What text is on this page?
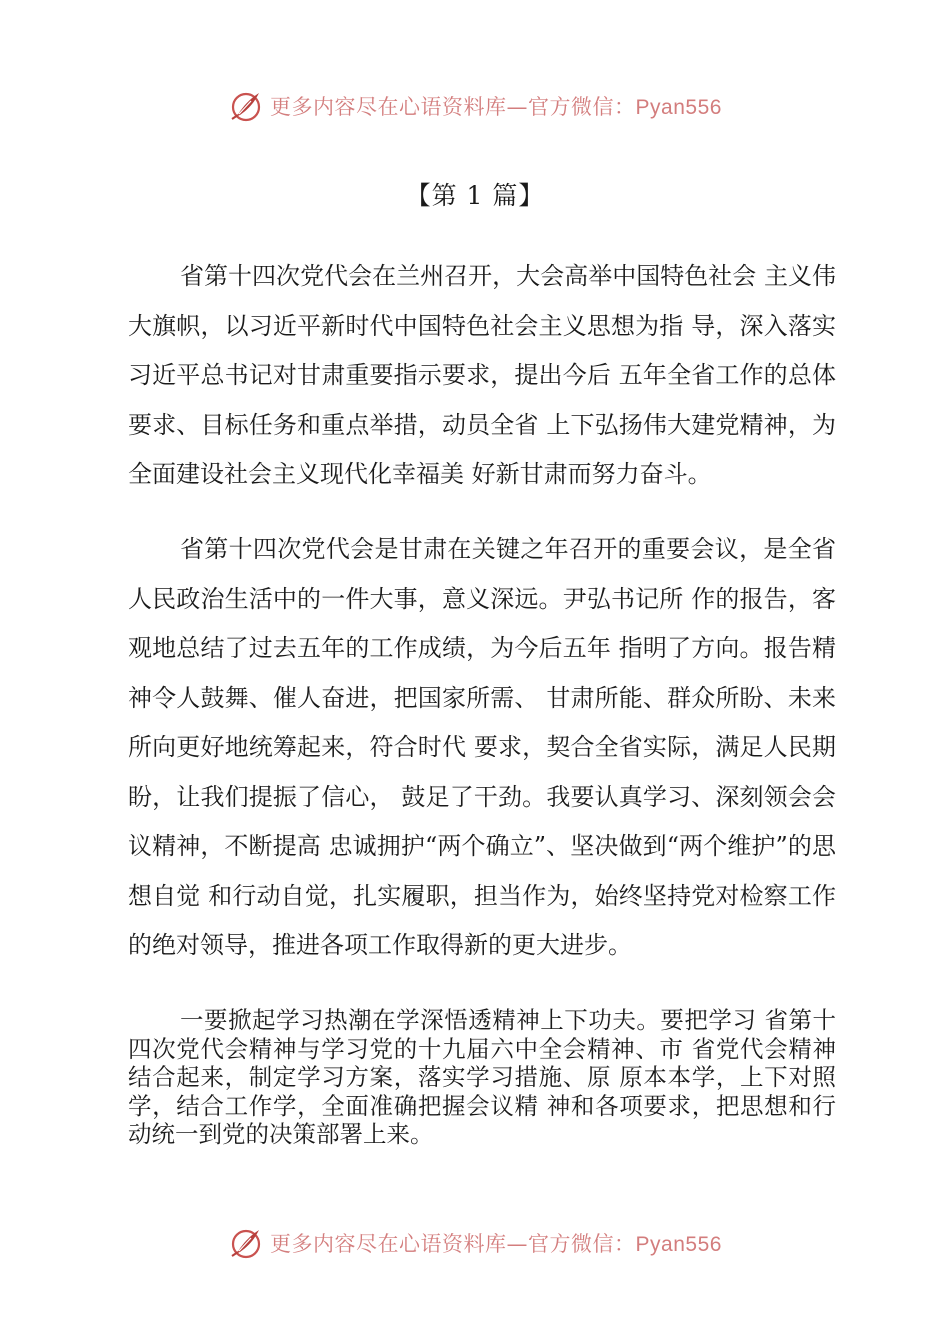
更多内容尽在心语资料库—官方微信：Pyan556
【第 1 篇】

省第十四次党代会在兰州召开，大会高举中国特色社会 主义伟大旗帜，以习近平新时代中国特色社会主义思想为指 导，深入落实习近平总书记对甘肃重要指示要求，提出今后 五年全省工作的总体要求、目标任务和重点举措，动员全省 上下弘扬伟大建党精神，为全面建设社会主义现代化幸福美 好新甘肃而努力奋斗。

省第十四次党代会是甘肃在关键之年召开的重要会议，是全省人民政治生活中的一件大事，意义深远。尹弘书记所 作的报告，客观地总结了过去五年的工作成绩，为今后五年 指明了方向。报告精神令人鼓舞、催人奋进，把国家所需、 甘肃所能、群众所盼、未来所向更好地统筹起来，符合时代 要求，契合全省实际，满足人民期盼，让我们提振了信心， 鼓足了干劲。我要认真学习、深刻领会会议精神，不断提高 忠诚拥护“两个确立”、坚决做到“两个维护”的思想自觉 和行动自觉，扎实履职，担当作为，始终坚持党对检察工作 的绝对领导，推进各项工作取得新的更大进步。

一要掀起学习热潮在学深悟透精神上下功夫。要把学习 省第十四次党代会精神与学习党的十九届六中全会精神、市 省党代会精神结合起来，制定学习方案，落实学习措施、原 原本本学，上下对照学，结合工作学，全面准确把握会议精 神和各项要求，把思想和行动统一到党的决策部署上来。

更多内容尽在心语资料库—官方微信：Pyan556
